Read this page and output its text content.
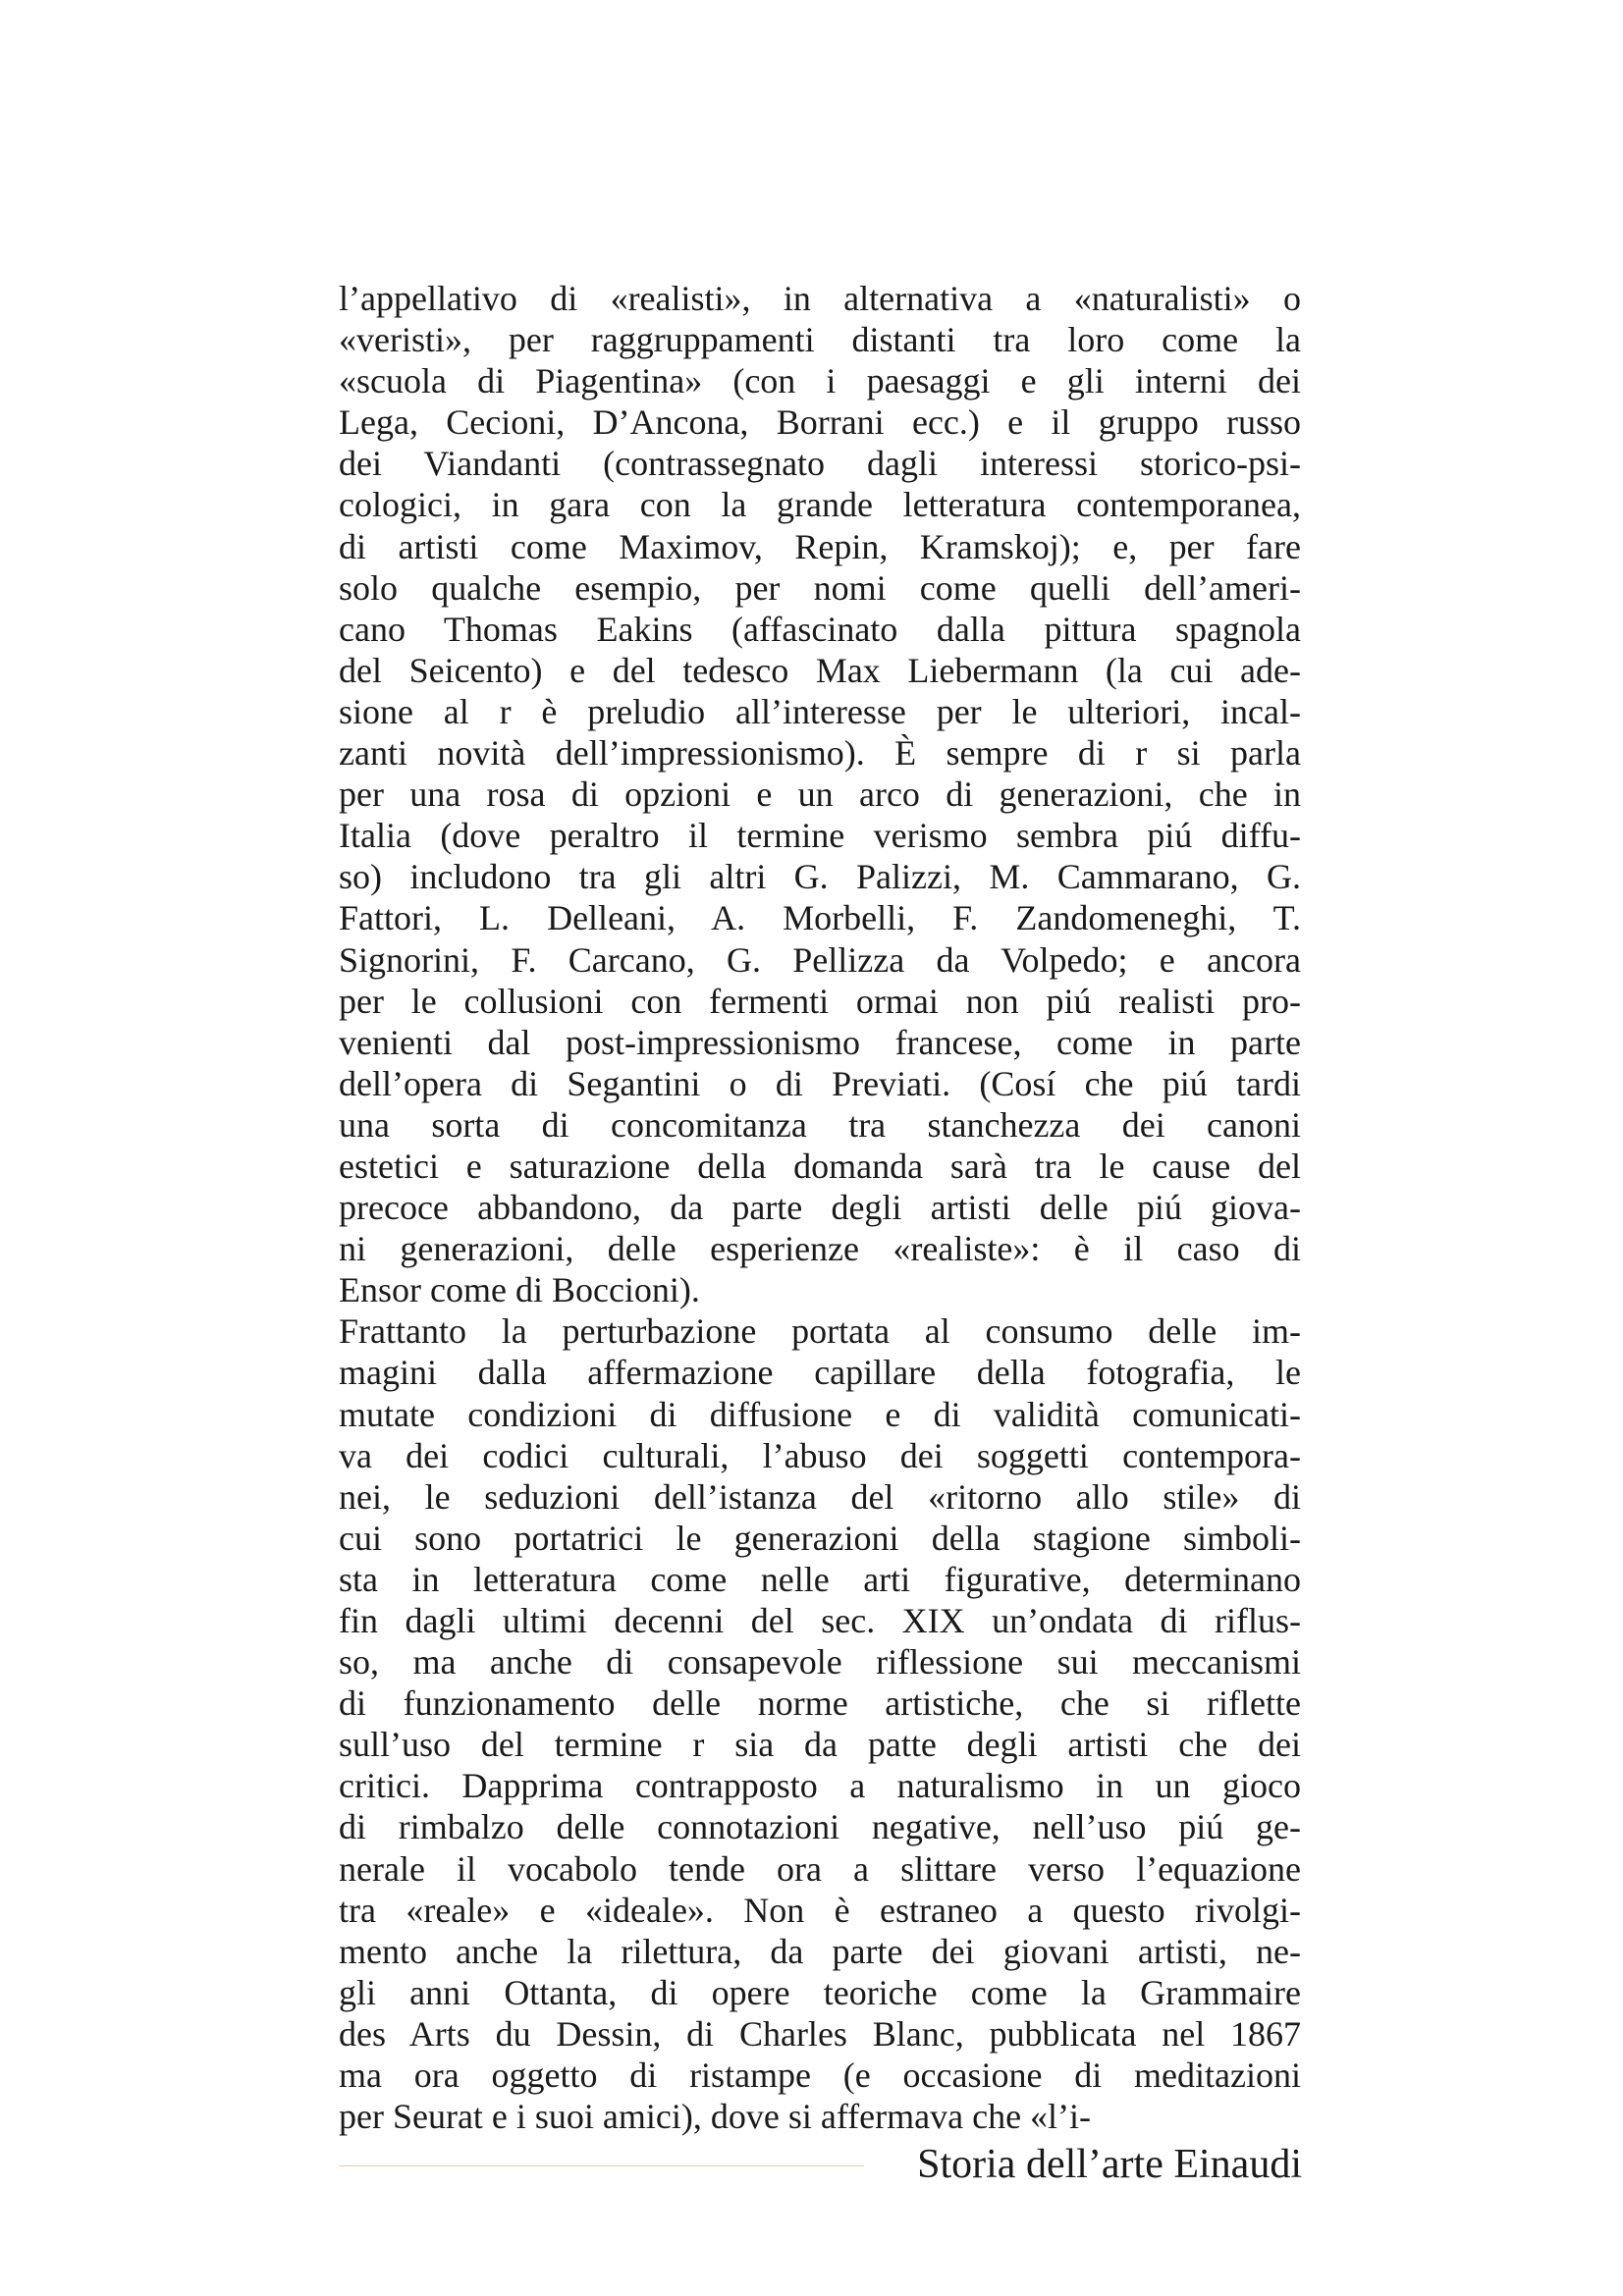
l’appellativo di «realisti», in alternativa a «naturalisti» o
«veristi», per raggruppamenti distanti tra loro come la
«scuola di Piagentina» (con i paesaggi e gli interni dei
Lega, Cecioni, D’Ancona, Borrani ecc.) e il gruppo russo
dei Viandanti (contrassegnato dagli interessi storico-psi-
cologici, in gara con la grande letteratura contemporanea,
di artisti come Maximov, Repin, Kramskoj); e, per fare
solo qualche esempio, per nomi come quelli dell’ameri-
cano Thomas Eakins (affascinato dalla pittura spagnola
del Seicento) e del tedesco Max Liebermann (la cui ade-
sione al r è preludio all’interesse per le ulteriori, incal-
zanti novità dell’impressionismo). È sempre di r si parla
per una rosa di opzioni e un arco di generazioni, che in
Italia (dove peraltro il termine verismo sembra piú diffu-
so) includono tra gli altri G. Palizzi, M. Cammarano, G.
Fattori, L. Delleani, A. Morbelli, F. Zandomeneghi, T.
Signorini, F. Carcano, G. Pellizza da Volpedo; e ancora
per le collusioni con fermenti ormai non piú realisti pro-
venienti dal post-impressionismo francese, come in parte
dell’opera di Segantini o di Previati. (Cosí che piú tardi
una sorta di concomitanza tra stanchezza dei canoni
estetici e saturazione della domanda sarà tra le cause del
precoce abbandono, da parte degli artisti delle piú giova-
ni generazioni, delle esperienze «realiste»: è il caso di
Ensor come di Boccioni).
Frattanto la perturbazione portata al consumo delle im-
magini dalla affermazione capillare della fotografia, le
mutate condizioni di diffusione e di validità comunicati-
va dei codici culturali, l’abuso dei soggetti contempora-
nei, le seduzioni dell’istanza del «ritorno allo stile» di
cui sono portatrici le generazioni della stagione simboli-
sta in letteratura come nelle arti figurative, determinano
fin dagli ultimi decenni del sec. XIX un’ondata di riflus-
so, ma anche di consapevole riflessione sui meccanismi
di funzionamento delle norme artistiche, che si riflette
sull’uso del termine r sia da patte degli artisti che dei
critici. Dapprima contrapposto a naturalismo in un gioco
di rimbalzo delle connotazioni negative, nell’uso piú ge-
nerale il vocabolo tende ora a slittare verso l’equazione
tra «reale» e «ideale». Non è estraneo a questo rivolgi-
mento anche la rilettura, da parte dei giovani artisti, ne-
gli anni Ottanta, di opere teoriche come la Grammaire
des Arts du Dessin, di Charles Blanc, pubblicata nel 1867
ma ora oggetto di ristampe (e occasione di meditazioni
per Seurat e i suoi amici), dove si affermava che «l’i-
Storia dell’arte Einaudi
